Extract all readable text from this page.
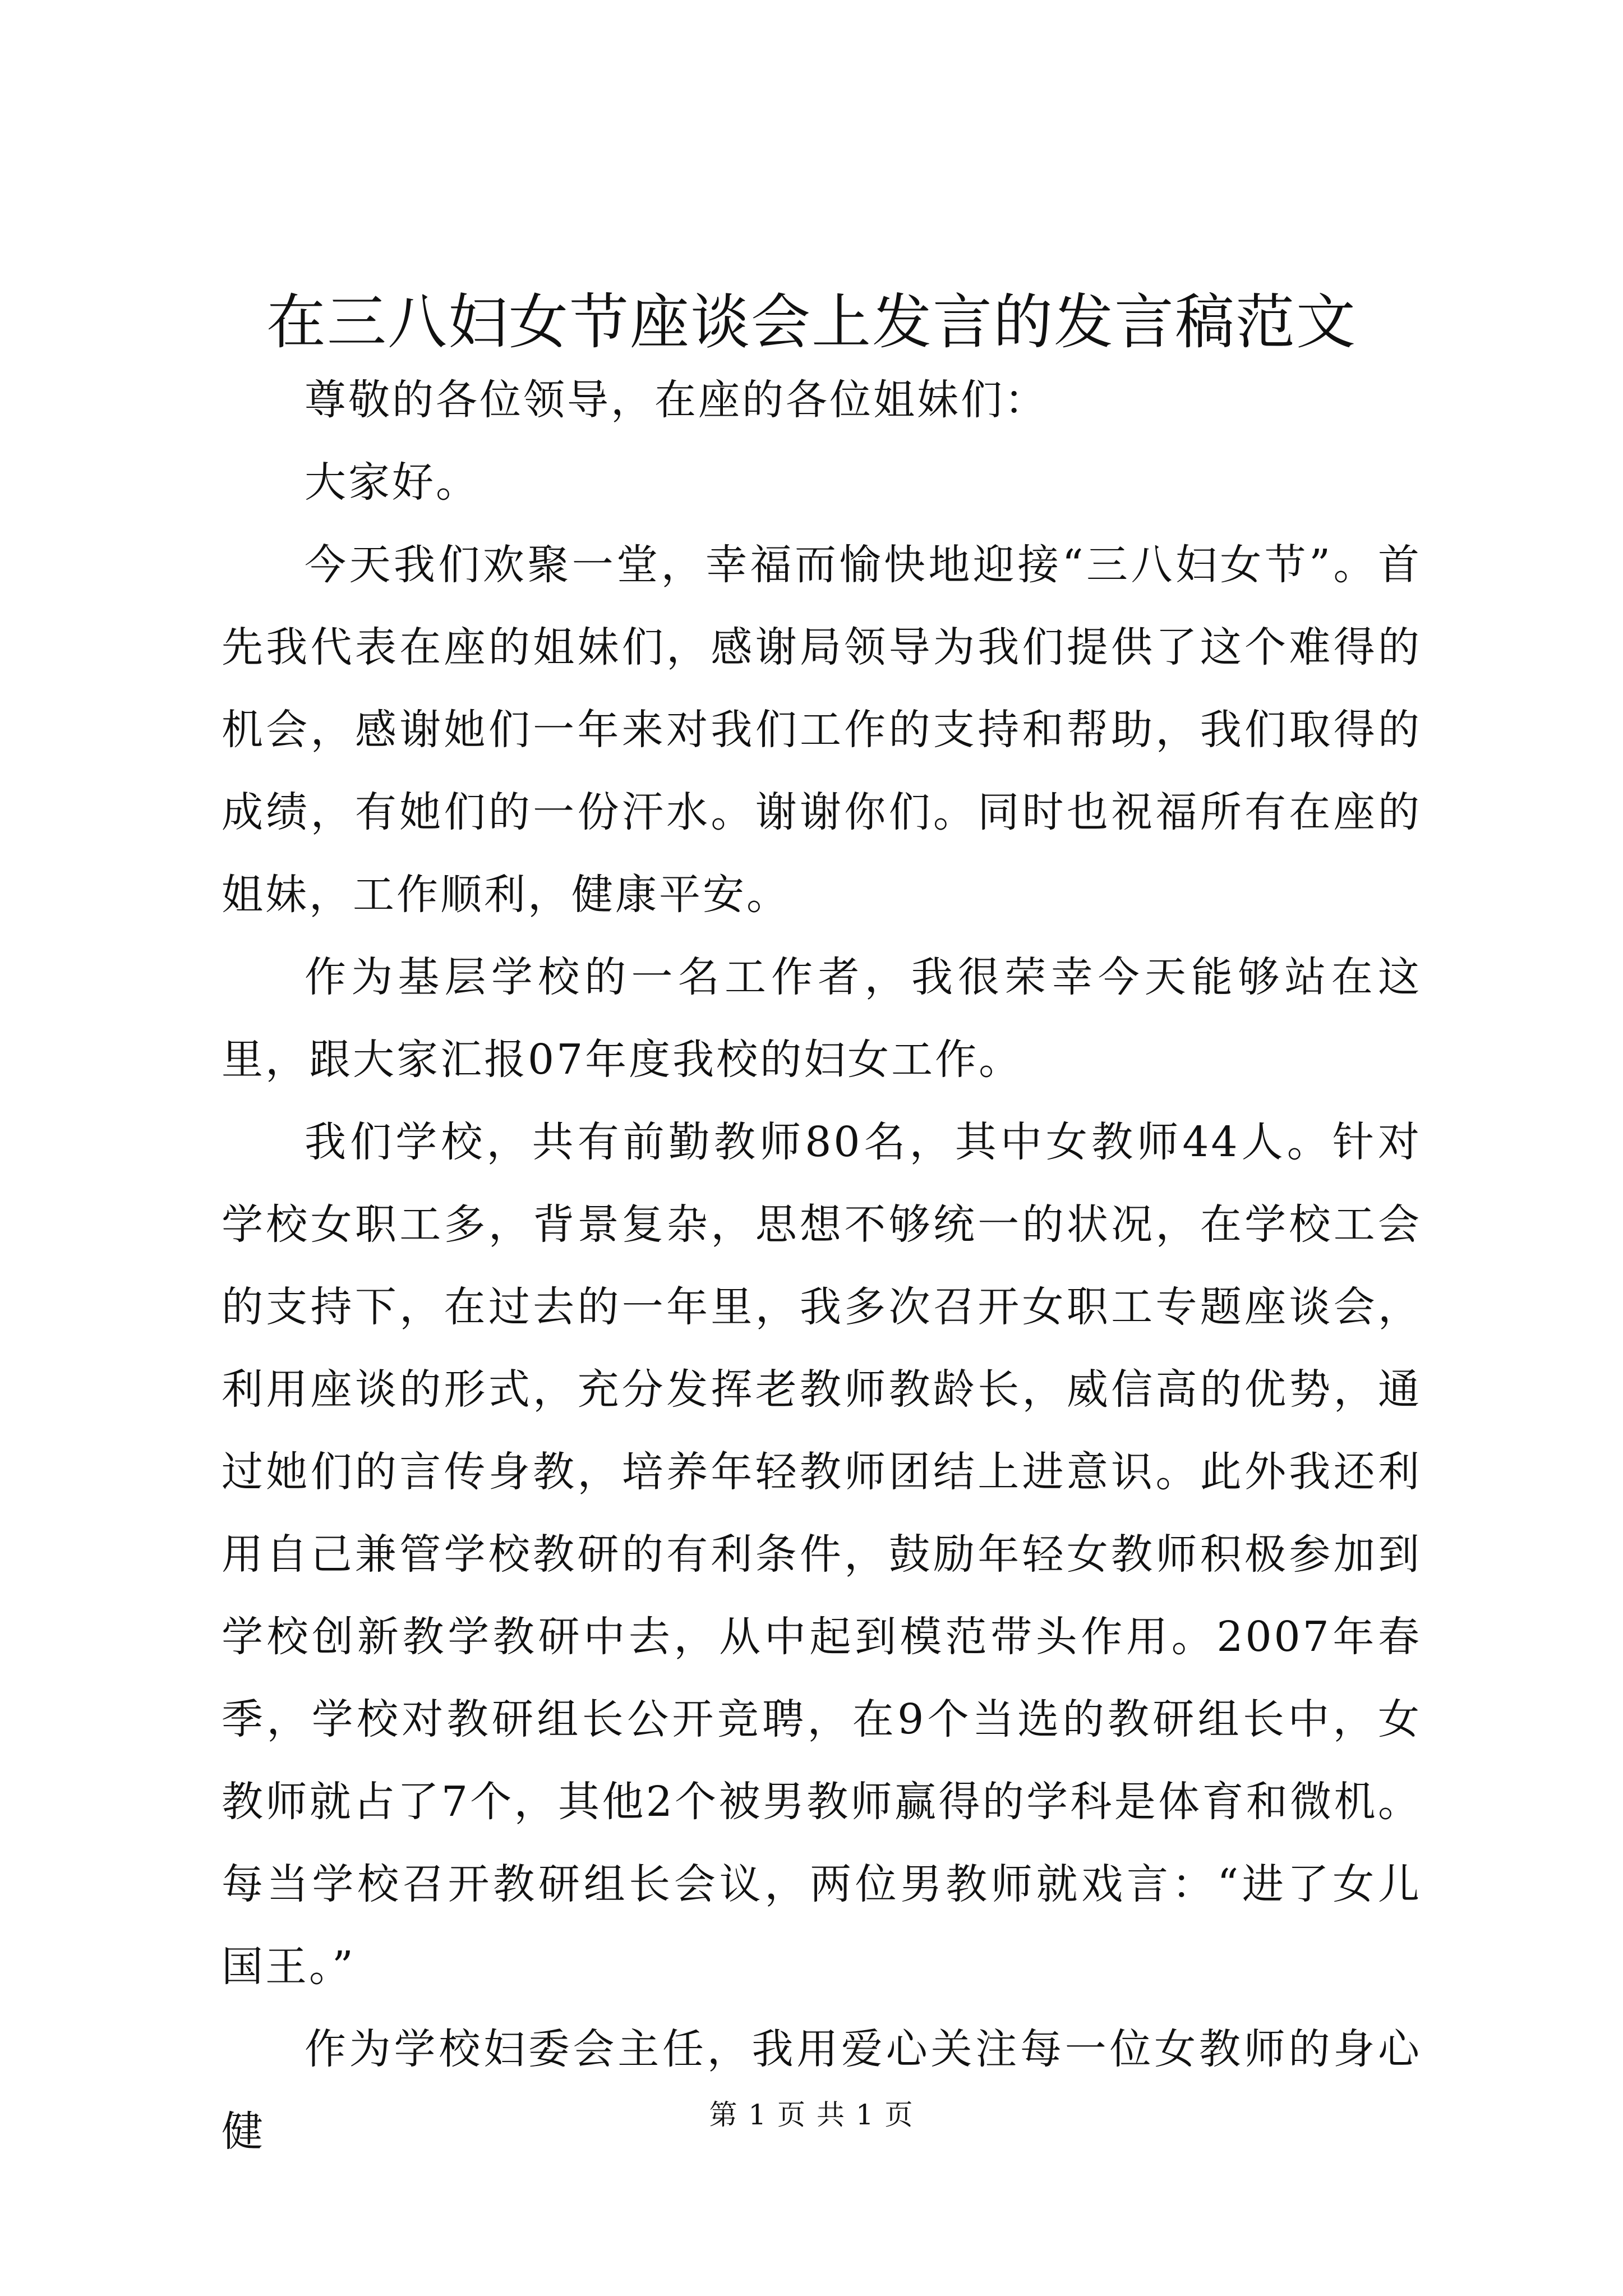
在三八妇女节座谈会上发言的发言稿范文

尊敬的各位领导，在座的各位姐妹们：

大家好。

今天我们欢聚一堂，幸福而愉快地迎接“三八妇女节”。首先我代表在座的姐妹们，感谢局领导为我们提供了这个难得的机会，感谢她们一年来对我们工作的支持和帮助，我们取得的成绩，有她们的一份汗水。谢谢你们。同时也祝福所有在座的姐妹，工作顺利，健康平安。

作为基层学校的一名工作者，我很荣幸今天能够站在这里，跟大家汇报07年度我校的妇女工作。

我们学校，共有前勤教师80名，其中女教师44人。针对学校女职工多，背景复杂，思想不够统一的状况，在学校工会的支持下，在过去的一年里，我多次召开女职工专题座谈会，利用座谈的形式，充分发挥老教师教龄长，威信高的优势，通过她们的言传身教，培养年轻教师团结上进意识。此外我还利用自己兼管学校教研的有利条件，鼓励年轻女教师积极参加到学校创新教学教研中去，从中起到模范带头作用。2007年春季，学校对教研组长公开竞聘，在9个当选的教研组长中，女教师就占了7个，其他2个被男教师赢得的学科是体育和微机。每当学校召开教研组长会议，两位男教师就戏言：“进了女儿国王。”

作为学校妇委会主任，我用爱心关注每一位女教师的身心健	第 1 页 共 1 页
